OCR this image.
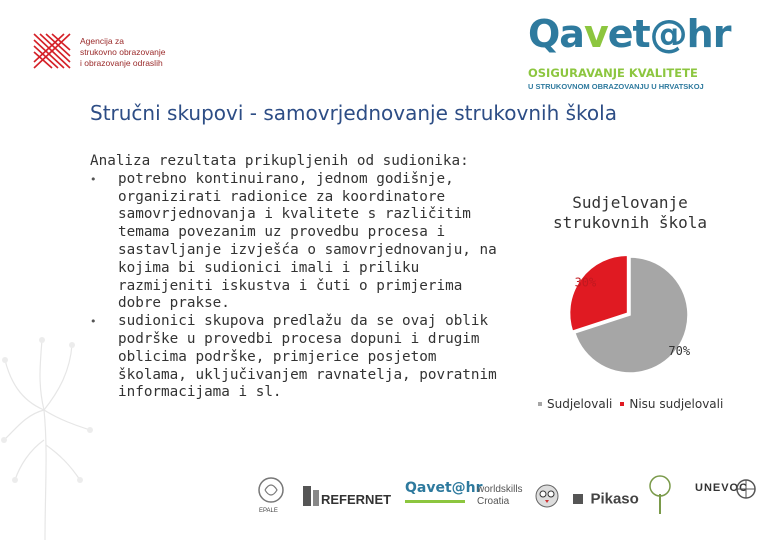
Agencija za
strukovno obrazovanje
i obrazovanje odraslih
Qavet@hr
OSIGURAVANJE KVALITETE
U STRUKOVNOM OBRAZOVANJU U HRVATSKOJ
Stručni skupovi - samovrjednovanje strukovnih škola
Analiza rezultata prikupljenih od sudionika:
• potrebno kontinuirano, jednom godišnje, organizirati radionice za koordinatore samovrjednovanja i kvalitete s različitim temama povezanim uz provedbu procesa i sastavljanje izvješća o samovrjednovanju, na kojima bi sudionici imali i priliku razmijeniti iskustva i čuti o primjerima dobre prakse.
• sudionici skupova predlažu da se ovaj oblik podrške u provedbi procesa dopuni i drugim oblicima podrške, primjerice posjetom školama, uključivanjem ravnatelja, povratnim informacijama i sl.
Sudjelovanje strukovnih škola
70%
30%
Sudjelovali Nisu sudjelovali
EPALE
REFERNET
Qavet@hr
worldskills Croatia	Pikaso
UNEVOC
